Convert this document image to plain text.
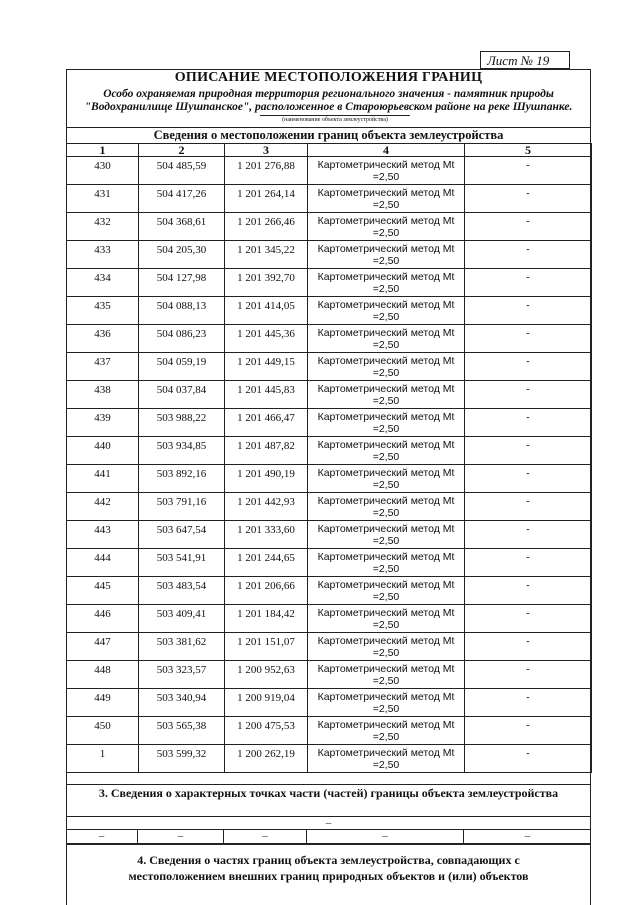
Лист № 19
ОПИСАНИЕ МЕСТОПОЛОЖЕНИЯ ГРАНИЦ
Особо охраняемая природная территория регионального значения - памятник природы
"Водохранилище Шушпанское", расположенное в Староюрьевском районе на реке Шушпанке.
(наименование объекта землеустройства)
Сведения о местоположении границ объекта землеустройства
1	2	3	4	5

430	504 485,59	1 201 276,88	Картометрический метод Mt
=2,50	-

431	504 417,26	1 201 264,14	Картометрический метод Mt
=2,50	-

432	504 368,61	1 201 266,46	Картометрический метод Mt
=2,50	-

433	504 205,30	1 201 345,22	Картометрический метод Mt
=2,50	-

434	504 127,98	1 201 392,70	Картометрический метод Mt
=2,50	-

435	504 088,13	1 201 414,05	Картометрический метод Mt
=2,50	-

436	504 086,23	1 201 445,36	Картометрический метод Mt
=2,50	-

437	504 059,19	1 201 449,15	Картометрический метод Mt
=2,50	-

438	504 037,84	1 201 445,83	Картометрический метод Mt
=2,50	-

439	503 988,22	1 201 466,47	Картометрический метод Mt
=2,50	-

440	503 934,85	1 201 487,82	Картометрический метод Mt
=2,50	-

441	503 892,16	1 201 490,19	Картометрический метод Mt
=2,50	-

442	503 791,16	1 201 442,93	Картометрический метод Mt
=2,50	-

443	503 647,54	1 201 333,60	Картометрический метод Mt
=2,50	-

444	503 541,91	1 201 244,65	Картометрический метод Mt
=2,50	-

445	503 483,54	1 201 206,66	Картометрический метод Mt
=2,50	-

446	503 409,41	1 201 184,42	Картометрический метод Mt
=2,50	-

447	503 381,62	1 201 151,07	Картометрический метод Mt
=2,50	-

448	503 323,57	1 200 952,63	Картометрический метод Mt
=2,50	-

449	503 340,94	1 200 919,04	Картометрический метод Mt
=2,50	-

450	503 565,38	1 200 475,53	Картометрический метод Mt
=2,50	-

1	503 599,32	1 200 262,19	Картометрический метод Mt
=2,50	-
3. Сведения о характерных точках части (частей) границы объекта землеустройства
–
–	–	–	–	–
4. Сведения о частях границ объекта землеустройства, совпадающих с
местоположением внешних границ природных объектов и (или) объектов
